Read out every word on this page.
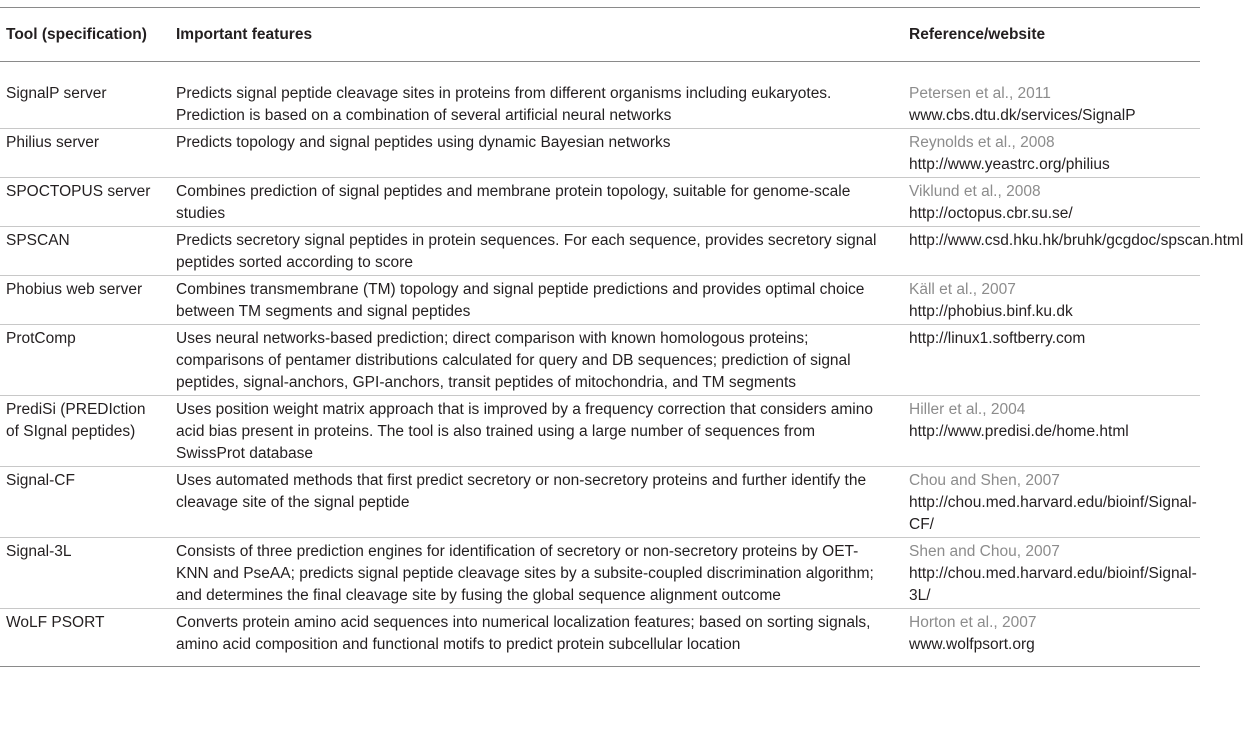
Tool (specification)	Important features	Reference/website
SignalP server	Predicts signal peptide cleavage sites in proteins from different organisms including eukaryotes. Prediction is based on a combination of several artificial neural networks	Petersen et al., 2011
www.cbs.dtu.dk/services/SignalP

Philius server	Predicts topology and signal peptides using dynamic Bayesian networks	Reynolds et al., 2008
http://www.yeastrc.org/philius

SPOCTOPUS server	Combines prediction of signal peptides and membrane protein topology, suitable for genome-scale studies	Viklund et al., 2008
http://octopus.cbr.su.se/

SPSCAN	Predicts secretory signal peptides in protein sequences. For each sequence, provides secretory signal peptides sorted according to score	http://www.csd.hku.hk/bruhk/gcgdoc/spscan.html

Phobius web server	Combines transmembrane (TM) topology and signal peptide predictions and provides optimal choice between TM segments and signal peptides	Käll et al., 2007
http://phobius.binf.ku.dk

ProtComp	Uses neural networks-based prediction; direct comparison with known homologous proteins; comparisons of pentamer distributions calculated for query and DB sequences; prediction of signal peptides, signal-anchors, GPI-anchors, transit peptides of mitochondria, and TM segments	http://linux1.softberry.com

PrediSi (PREDIction of SIgnal peptides)	Uses position weight matrix approach that is improved by a frequency correction that considers amino acid bias present in proteins. The tool is also trained using a large number of sequences from SwissProt database	Hiller et al., 2004
http://www.predisi.de/home.html

Signal-CF	Uses automated methods that first predict secretory or non-secretory proteins and further identify the cleavage site of the signal peptide	Chou and Shen, 2007
http://chou.med.harvard.edu/bioinf/Signal-CF/

Signal-3L	Consists of three prediction engines for identification of secretory or non-secretory proteins by OET-KNN and PseAA; predicts signal peptide cleavage sites by a subsite-coupled discrimination algorithm; and determines the final cleavage site by fusing the global sequence alignment outcome	Shen and Chou, 2007
http://chou.med.harvard.edu/bioinf/Signal-3L/

WoLF PSORT	Converts protein amino acid sequences into numerical localization features; based on sorting signals, amino acid composition and functional motifs to predict protein subcellular location	Horton et al., 2007
www.wolfpsort.org
